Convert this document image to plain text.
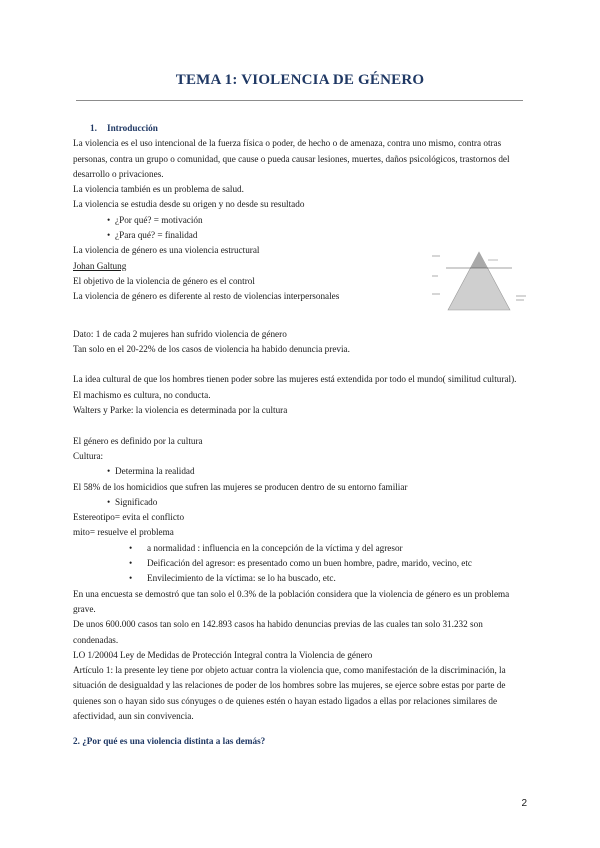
TEMA 1: VIOLENCIA DE GÉNERO
1. Introducción
La violencia es el uso intencional de la fuerza física o poder, de hecho o de amenaza, contra uno mismo, contra otras personas, contra un grupo o comunidad, que cause o pueda causar lesiones, muertes, daños psicológicos, trastornos del desarrollo o privaciones.
La violencia también es un problema de salud.
La violencia se estudia desde su origen y no desde su resultado
• ¿Por qué? = motivación
• ¿Para qué? = finalidad
La violencia de género es una violencia estructural
Johan Galtung
El objetivo de la violencia de género es el control
La violencia de género es diferente al resto de violencias interpersonales
Dato: 1 de cada 2 mujeres han sufrido violencia de género
Tan solo en el 20-22% de los casos de violencia ha habido denuncia previa.
La idea cultural de que los hombres tienen poder sobre las mujeres está extendida por todo el mundo( similitud cultural).
El machismo es cultura, no conducta.
Walters y Parke: la violencia es determinada por la cultura
El género es definido por la cultura
Cultura:
• Determina la realidad
El 58% de los homicidios que sufren las mujeres se producen dentro de su entorno familiar
• Significado
Estereotipo= evita el conflicto
mito= resuelve el problema
• a normalidad : influencia en la concepción de la víctima y del agresor
• Deificación del agresor: es presentado como un buen hombre, padre, marido, vecino, etc
• Envilecimiento de la víctima: se lo ha buscado, etc.
En una encuesta se demostró que tan solo el 0.3% de la población considera que la violencia de género es un problema grave.
De unos 600.000 casos tan solo en 142.893 casos ha habido denuncias previas de las cuales tan solo 31.232 son condenadas.
LO 1/20004 Ley de Medidas de Protección Integral contra la Violencia de género
Artículo 1: la presente ley tiene por objeto actuar contra la violencia que, como manifestación de la discriminación, la situación de desigualdad y las relaciones de poder de los hombres sobre las mujeres, se ejerce sobre estas por parte de quienes son o hayan sido sus cónyuges o de quienes estén o hayan estado ligados a ellas por relaciones similares de afectividad, aun sin convivencia.
2. ¿Por qué es una violencia distinta a las demás?
2
